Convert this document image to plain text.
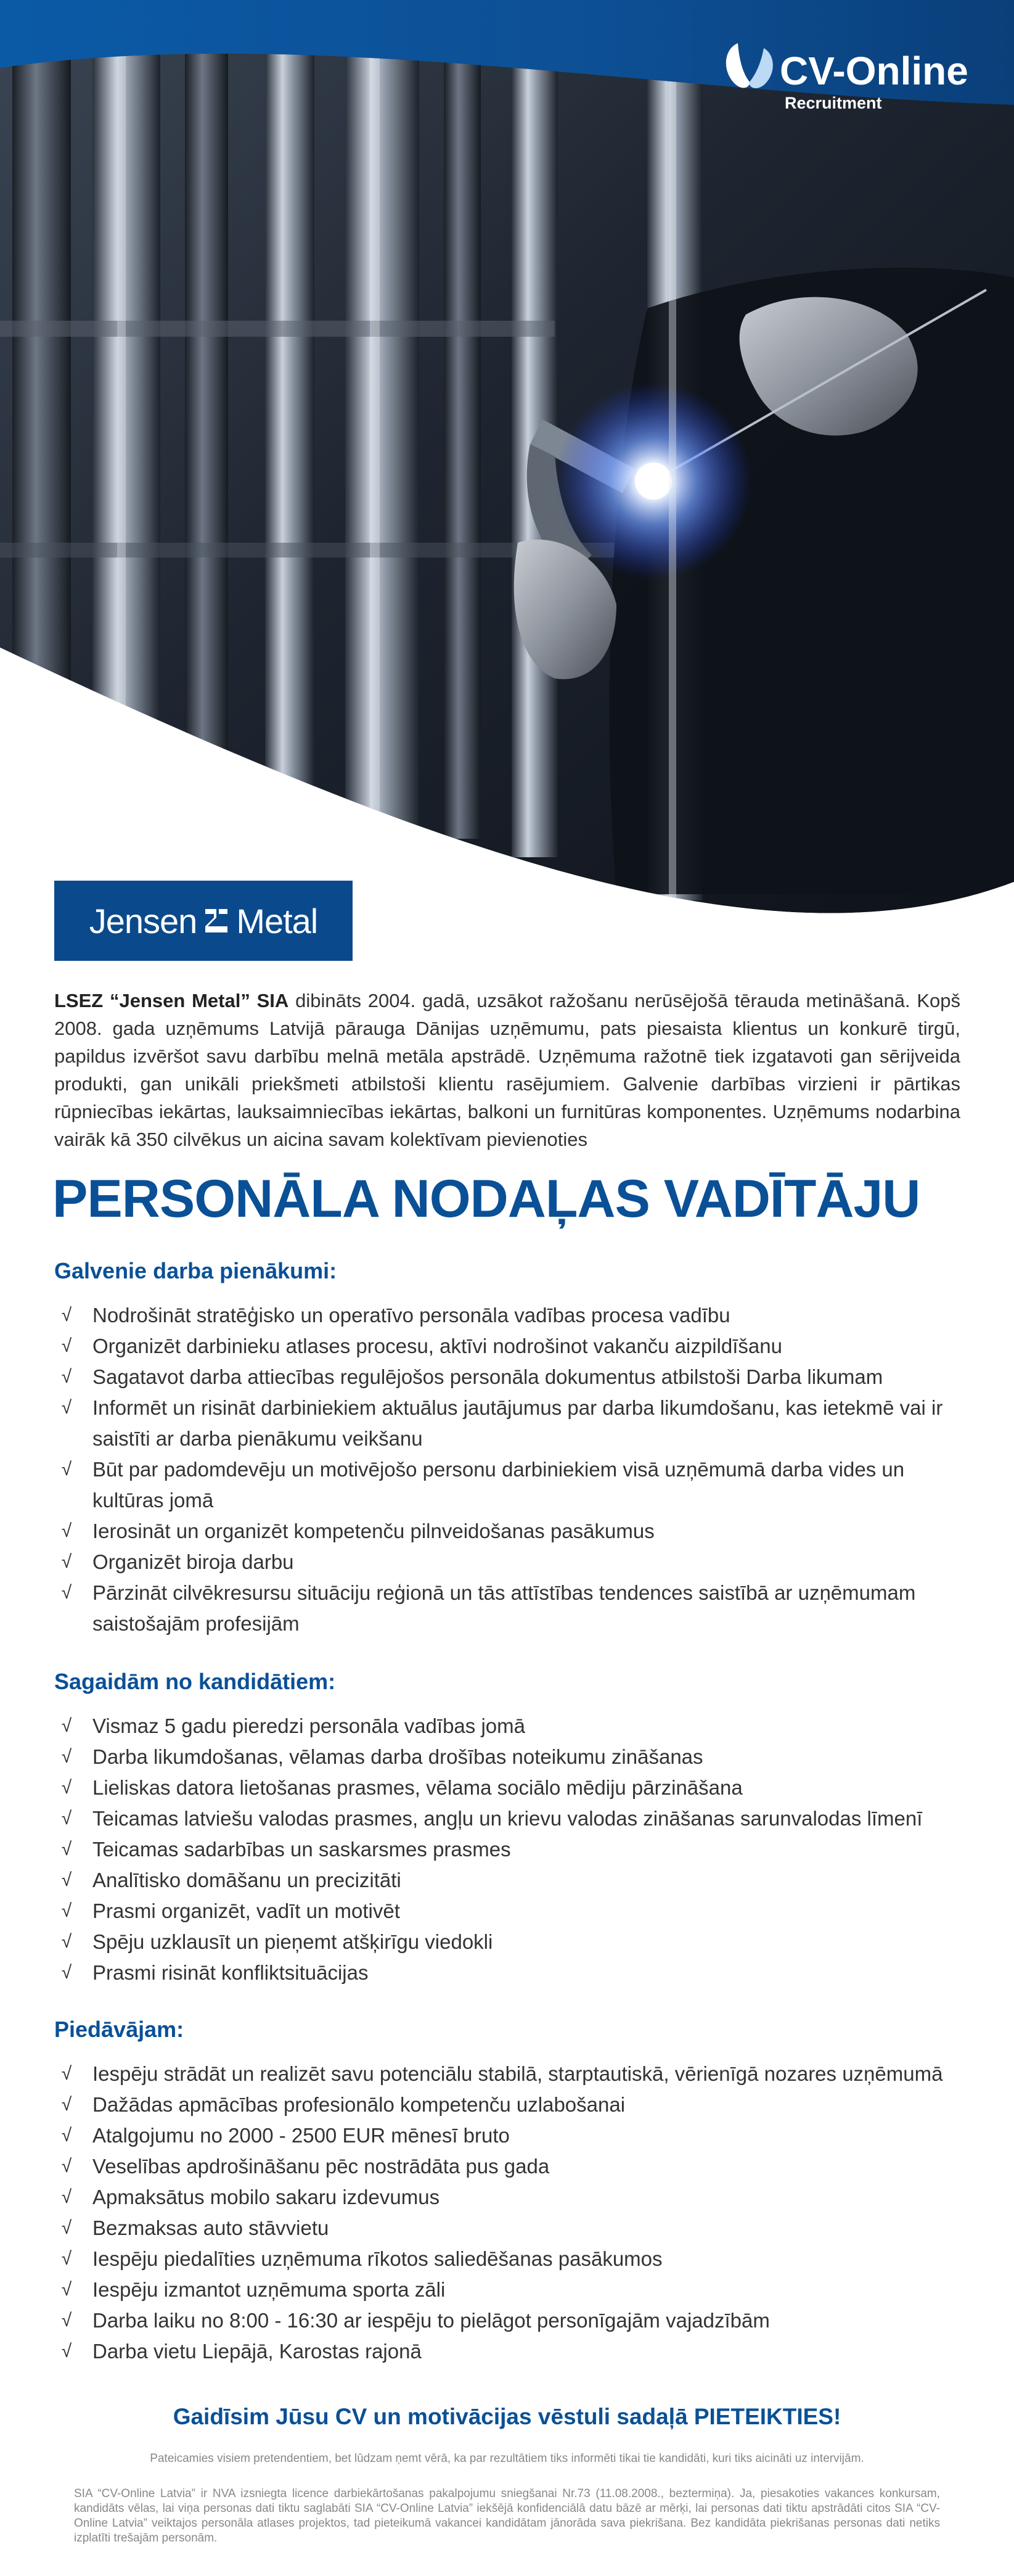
CV-Online
Recruitment
Jensen Metal

LSEZ “Jensen Metal” SIA dibināts 2004. gadā, uzsākot ražošanu nerūsējošā tērauda metināšanā. Kopš 2008. gada uzņēmums Latvijā pārauga Dānijas uzņēmumu, pats piesaista klientus un konkurē tirgū, papildus izvēršot savu darbību melnā metāla apstrādē. Uzņēmuma ražotnē tiek izgatavoti gan sērijveida produkti, gan unikāli priekšmeti atbilstoši klientu rasējumiem. Galvenie darbības virzieni ir pārtikas rūpniecības iekārtas, lauksaimniecības iekārtas, balkoni un furnitūras komponentes. Uzņēmums nodarbina vairāk kā 350 cilvēkus un aicina savam kolektīvam pievienoties

PERSONĀLA NODAĻAS VADĪTĀJU
Galvenie darba pienākumi:
√	Nodrošināt stratēģisko un operatīvo personāla vadības procesa vadību
√	Organizēt darbinieku atlases procesu, aktīvi nodrošinot vakanču aizpildīšanu
√	Sagatavot darba attiecības regulējošos personāla dokumentus atbilstoši Darba likumam
√	Informēt un risināt darbiniekiem aktuālus jautājumus par darba likumdošanu, kas ietekmē vai ir saistīti ar darba pienākumu veikšanu
√	Būt par padomdevēju un motivējošo personu darbiniekiem visā uzņēmumā darba vides un kultūras jomā
√	Ierosināt un organizēt kompetenču pilnveidošanas pasākumus
√	Organizēt biroja darbu
√	Pārzināt cilvēkresursu situāciju reģionā un tās attīstības tendences saistībā ar uzņēmumam saistošajām profesijām
Sagaidām no kandidātiem:
√	Vismaz 5 gadu pieredzi personāla vadības jomā
√	Darba likumdošanas, vēlamas darba drošības noteikumu zināšanas
√	Lieliskas datora lietošanas prasmes, vēlama sociālo mēdiju pārzināšana
√	Teicamas latviešu valodas prasmes, angļu un krievu valodas zināšanas sarunvalodas līmenī
√	Teicamas sadarbības un saskarsmes prasmes
√	Analītisko domāšanu un precizitāti
√	Prasmi organizēt, vadīt un motivēt
√	Spēju uzklausīt un pieņemt atšķirīgu viedokli
√	Prasmi risināt konfliktsituācijas
Piedāvājam:
√	Iespēju strādāt un realizēt savu potenciālu stabilā, starptautiskā, vērienīgā nozares uzņēmumā
√	Dažādas apmācības profesionālo kompetenču uzlabošanai
√	Atalgojumu no 2000 - 2500 EUR mēnesī bruto
√	Veselības apdrošināšanu pēc nostrādāta pus gada
√	Apmaksātus mobilo sakaru izdevumus
√	Bezmaksas auto stāvvietu
√	Iespēju piedalīties uzņēmuma rīkotos saliedēšanas pasākumos
√	Iespēju izmantot uzņēmuma sporta zāli
√	Darba laiku no 8:00 - 16:30 ar iespēju to pielāgot personīgajām vajadzībām
√	Darba vietu Liepājā, Karostas rajonā
Gaidīsim Jūsu CV un motivācijas vēstuli sadaļā PIETEIKTIES!
Pateicamies visiem pretendentiem, bet lūdzam ņemt vērā, ka par rezultātiem tiks informēti tikai tie kandidāti, kuri tiks aicināti uz intervijām.
SIA “CV-Online Latvia” ir NVA izsniegta licence darbiekārtošanas pakalpojumu sniegšanai Nr.73 (11.08.2008., beztermiņa). Ja, piesakoties vakances konkursam, kandidāts vēlas, lai viņa personas dati tiktu saglabāti SIA “CV-Online Latvia” iekšējā konfidenciālā datu bāzē ar mērķi, lai personas dati tiktu apstrādāti citos SIA “CV-Online Latvia” veiktajos personāla atlases projektos, tad pieteikumā vakancei kandidātam jānorāda sava piekrišana. Bez kandidāta piekrišanas personas dati netiks izplatīti trešajām personām.
